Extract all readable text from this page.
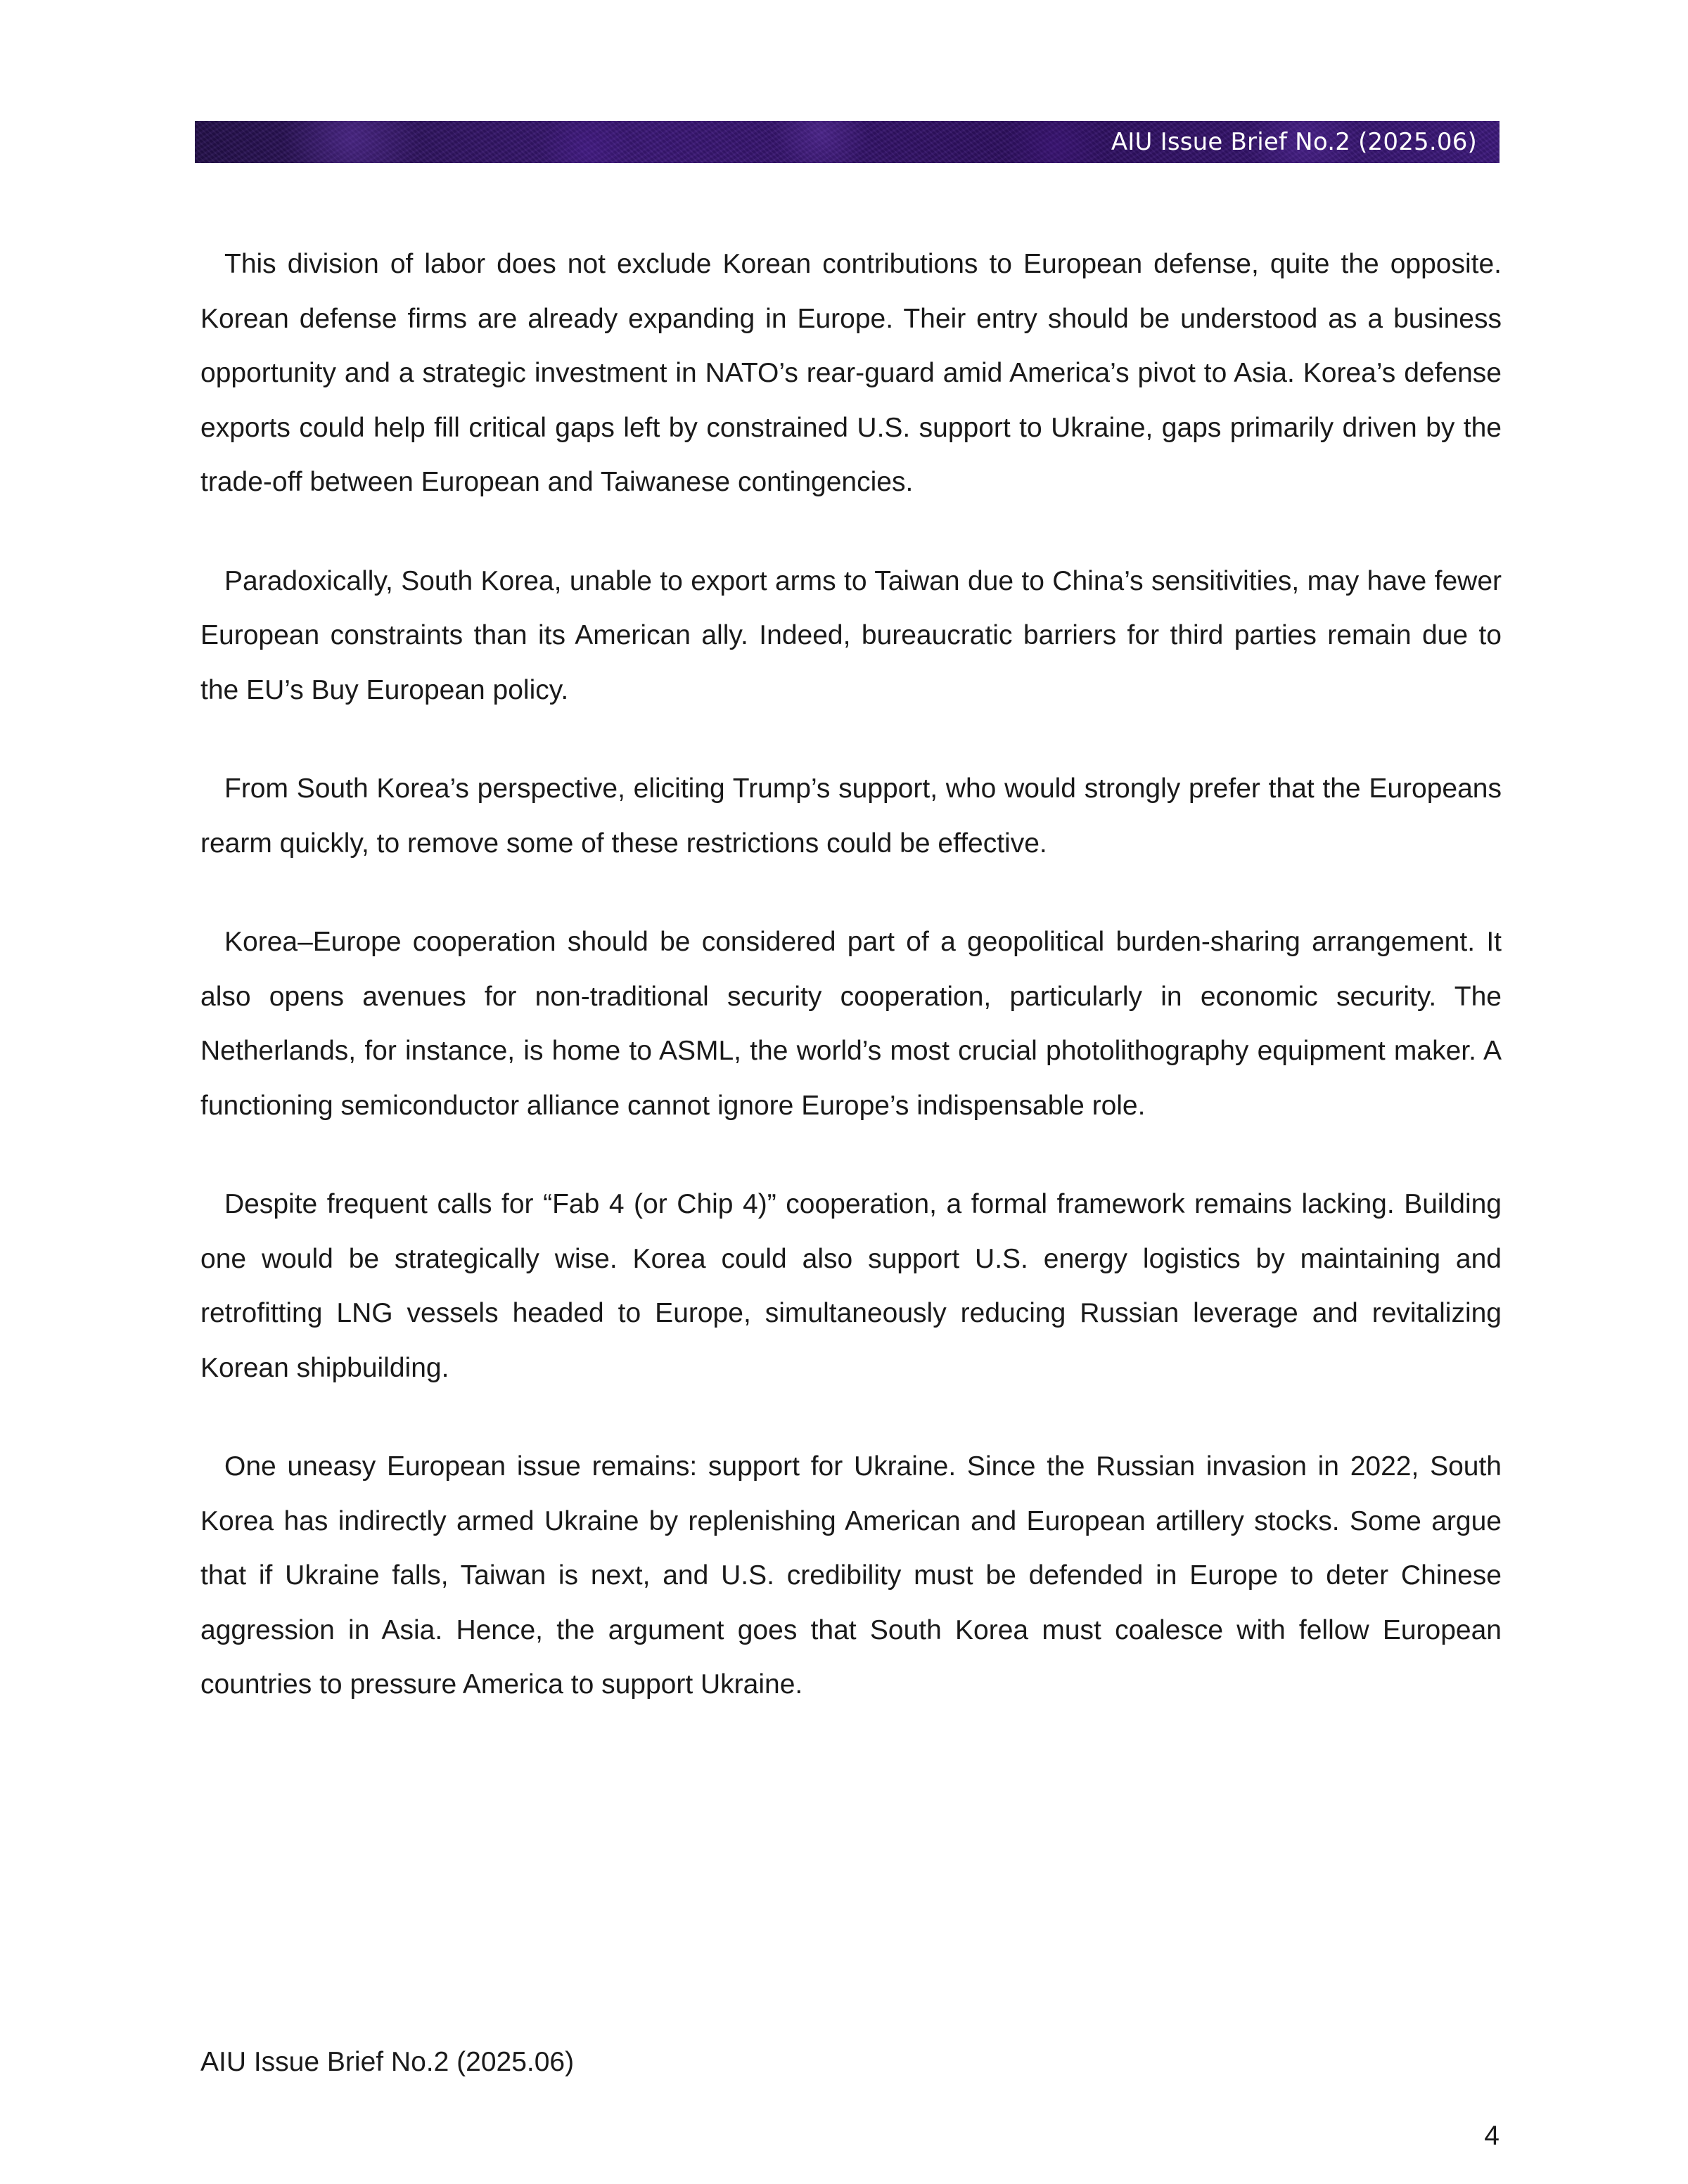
AIU Issue Brief No.2 (2025.06)

This division of labor does not exclude Korean contributions to European defense, quite the opposite. Korean defense firms are already expanding in Europe. Their entry should be understood as a business opportunity and a strategic investment in NATO’s rear-guard amid America’s pivot to Asia. Korea’s defense exports could help fill critical gaps left by constrained U.S. support to Ukraine, gaps primarily driven by the trade-off between European and Taiwanese contingencies.

Paradoxically, South Korea, unable to export arms to Taiwan due to China’s sensitivities, may have fewer European constraints than its American ally. Indeed, bureaucratic barriers for third parties remain due to the EU’s Buy European policy.

From South Korea’s perspective, eliciting Trump’s support, who would strongly prefer that the Europeans rearm quickly, to remove some of these restrictions could be effective.

Korea–Europe cooperation should be considered part of a geopolitical burden-sharing arrangement. It also opens avenues for non-traditional security cooperation, particularly in economic security. The Netherlands, for instance, is home to ASML, the world’s most crucial photolithography equipment maker. A functioning semiconductor alliance cannot ignore Europe’s indispensable role.

Despite frequent calls for “Fab 4 (or Chip 4)” cooperation, a formal framework remains lacking. Building one would be strategically wise. Korea could also support U.S. energy logistics by maintaining and retrofitting LNG vessels headed to Europe, simultaneously reducing Russian leverage and revitalizing Korean shipbuilding.

One uneasy European issue remains: support for Ukraine. Since the Russian invasion in 2022, South Korea has indirectly armed Ukraine by replenishing American and European artillery stocks. Some argue that if Ukraine falls, Taiwan is next, and U.S. credibility must be defended in Europe to deter Chinese aggression in Asia. Hence, the argument goes that South Korea must coalesce with fellow European countries to pressure America to support Ukraine.

AIU Issue Brief No.2 (2025.06)
4
